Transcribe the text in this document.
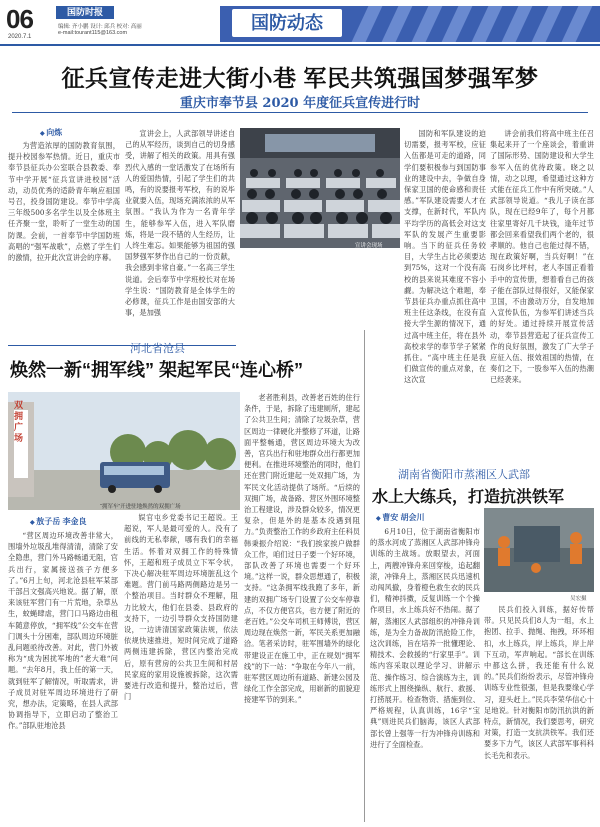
06
2020.7.1
国防时报
编辑: 齐小鹏 设计: 邱兵 校对: 高丽
e-mail:tourant115@163.com	国防动态
征兵宣传走进大街小巷 军民共筑强国梦强军梦
重庆市奉节县 2020 年度征兵宣传进行时
◆ 向炼

为营造浓厚的国防教育氛围，提升校园参军热情。近日，重庆市奉节县征兵办公室联合县教委、奉节中学开展“征兵宣讲进校园”活动，动员优秀的适龄青年响应祖国号召，投身国防建设。奉节中学高三年级500多名学生以及全体班主任齐聚一堂，聆听了一堂生动的国防课。会前，一首奉节中学国防班高唱的“强军战歌”，点燃了学生们的激情，拉开此次宣讲会的序幕。

宣讲会上，人武部领导讲述自己的从军经历，谈到自己的切身感受，讲解了相关的政策。用具有强烈代入感的一堂话激发了在场所有人的爱国热情，引起了学生们的共鸣，有的说要报考军校，有的说毕业就要入伍，现场充满浓浓的从军氛围。“我认为作为一名青年学生，能够参军入伍，进入军队磨炼，将是一段不错的人生经历，让人终生难忘。如果能够为祖国的强国梦强军梦作出自己的一份贡献，我会感到非常自豪。”一名高三学生说道。会后奉节中学班校长对在场学生说：“国防教育是全体学生的必修课，征兵工作是由国安部的大事，是加强

宣讲会现场

国防和军队建设的迫切需要，报考军校，应征入伍都是可走的道路，同学们要积极参与到国防事业的建设中去，争做自身保家卫国的使命感和责任感。”军队建设需要人才在支撑，在新时代，军队内平均学历的高低会对这支军队的发展产生重要影响。当下的征兵任务较目，大学生占比必须要达到75%，这对一个没有高校的县来说其难度不容小觑。为解决这个难题，奉节县征兵办重点抓住高中班主任这条线，在没有直接大学生源的情况下，通过高中班主任，将在县外高校求学的奉节学子紧紧抓住。“高中班主任是我们做宣传的重点对象，在这次宣

讲会前我们将高中班主任召集起来开了一个座谈会，着重讲了国际形势、国防建设和大学生参军入伍的优待政策。晓之以情，动之以理，希望通过这种方式能在征兵工作中有所突破。”人武部领导说道。“我儿子读在部队，现在已经9年了，每个月都往家里寄好几千块钱，逢年过节都会回来看望我们两个老的，很孝顺的。他自己也能过得不错，现在政策好啊，当兵好啊！”在石岗乡比坪村，老人李国正看着手中的宣传册，想着看自己的孩子能在部队过得很好，又能保家卫国，不由激动万分，自发地加入宣传队伍，为参军们讲述当兵的好处。通过持续开展宣传活动，奉节县营造起了征兵宣传工作的良好氛围，激发了广大学子应征入伍、报效祖国的热情，在奏们之下，一股参军入伍的热潮已经袭来。

河北省沧县
焕然一新“拥军线” 架起军民“连心桥”
双拥广场
“拥军车”开进驻地焕然的双拥广场
◆ 敖子岳 李金良

“营区周边环境改善非常大，围墙外垃圾乱堆得清清，清除了安全隐患，营门外马路畅通无阻，官兵出行，家属接送孩子方便多了。”6月上旬，河北沧县驻军某部干部吕文强高兴地说。据了解，原来该驻军营门有一片荒地，杂草丛生，蚊蝇肆虐，营门口马路边由租车随意停放，“拥军线”公交车在营门调头十分困难，部队周边环境脏乱问题亟待改善。对此，营门外被称为“成为困扰军地的”老大难“问题。“去年8月，我上任的第一天，就到驻军了解情况，听取需求，讲子成员对驻军周边环境进行了研究，想办法，定策略，在县人武部协调指导下，立即启动了整治工作。”部队驻地沧县

娱官屯乡党委书记王超说。王超说，军人是最可爱的人。没有了前线的无私奉献，哪有我们的幸福生活。怀着对双拥工作的特殊情怀，王超和班子成员立下军令状，下决心解决驻军周边环境脏乱这个难题。营门前马路两侧路边是另一个整治项目。当时群众不理解，阻力比较大，他们在县委、县政府的支持下，一边引导群众支持国防建设，一边讲清国家政策法规，依法依规快速推进，短时间完成了道路两侧违建拆除，营区内整治完成后，原有营房的公共卫生间和村居民家庭的家用设施被拆除，这次需要进行改造和提升，整治过后，营门

老者胜利县，改善老百姓的住行条件，于是，拆除了违建厕所，建起了公共卫生间；清除了垃圾杂草，营区周边一律硬化并整修了环道，让路面平整畅通，营区周边环境大为改善，官兵出行和驻地群众出行都更加便利。在推进环境整治的同时，他们还在营门附近建起一处双拥广场，为军民文化活动提供了场所。“后续的双拥广场，战备路、营区外围环境整治工程建设，涉及群众较多，情况更复杂，但是外的是基本没遇到阻力。”负责整治工作的乡政府主任科员韩秉振介绍说：“我们挨家挨户做群众工作，咱们过日子要一个好环境，部队改善了环境也需要一个好环境。”这样一说，群众思想通了，积极支持。“这条拥军线我跑了多年，新建的双拥广场专门设置了公交车停靠点，不仅方便官兵，也方便了附近的老百姓。”公交车司机王师傅说，营区周边现在焕然一新，军民关系更加融洽。笔者采访时，驻军围墙外的绿化带建设正在施工中，正在规划“拥军线”的下一站：“争取在今年八一前，驻军营区周边所有道路、新建公园及绿化工作全部完成，用崭新的面貌迎接建军节的到来。”

湖南省衡阳市蒸湘区人武部
水上大练兵，打造抗洪铁军
◆ 曹安 胡会川

6月10日，位于湖南省衡阳市的蒸水河成了蒸湘区人武部冲锋舟训练的主战场。放眼望去，河面上，两艘冲锋舟来回穿梭，追起翻滚，冲锋舟上，蒸湘区民兵迅速机动闯风撤，身着橙色救生衣的民兵们，精神抖擞，反复训练一个个操作项目，水上练兵好不热闹。据了解，蒸湘区人武部组织的冲锋舟训练，是为全力备战防汛抢险工作，这次训练，旨在培养一批懂理论、精技术、会救援的“行家里手”。训练内容采取以理论学习、讲解示范、操作练习、综合演练为主，训练形式上围绕操纵、航行、救援、打捞展开。检查物资、措施到位、严格规程，认真训练，16字“宝典”则进民兵们脑海，该区人武部部长曾上强等一行为冲锋舟训练和进行了全面检查。

吴宏摄

民兵们投入训练，据好传帮带。只见民兵们8人为一组，水上抱团、拉手、抛绳、拖拽，环环相扣，水上练兵，岸上练兵，岸上岸下互动，军声响起。“部长在训练中都这么拼，我还能有什么说的。”民兵们纷纷表示，尽管冲锋舟训练专业性很强，但是我要缘心学习，迎头赶上。”民兵李荣华信心十足地说。针对衡阳市防汛抗洪的新特点，新情况，我们要思考，研究对策，打造一支抗洪铁军。我们还要多下力气，该区人武部军事科科长毛先和表示。
